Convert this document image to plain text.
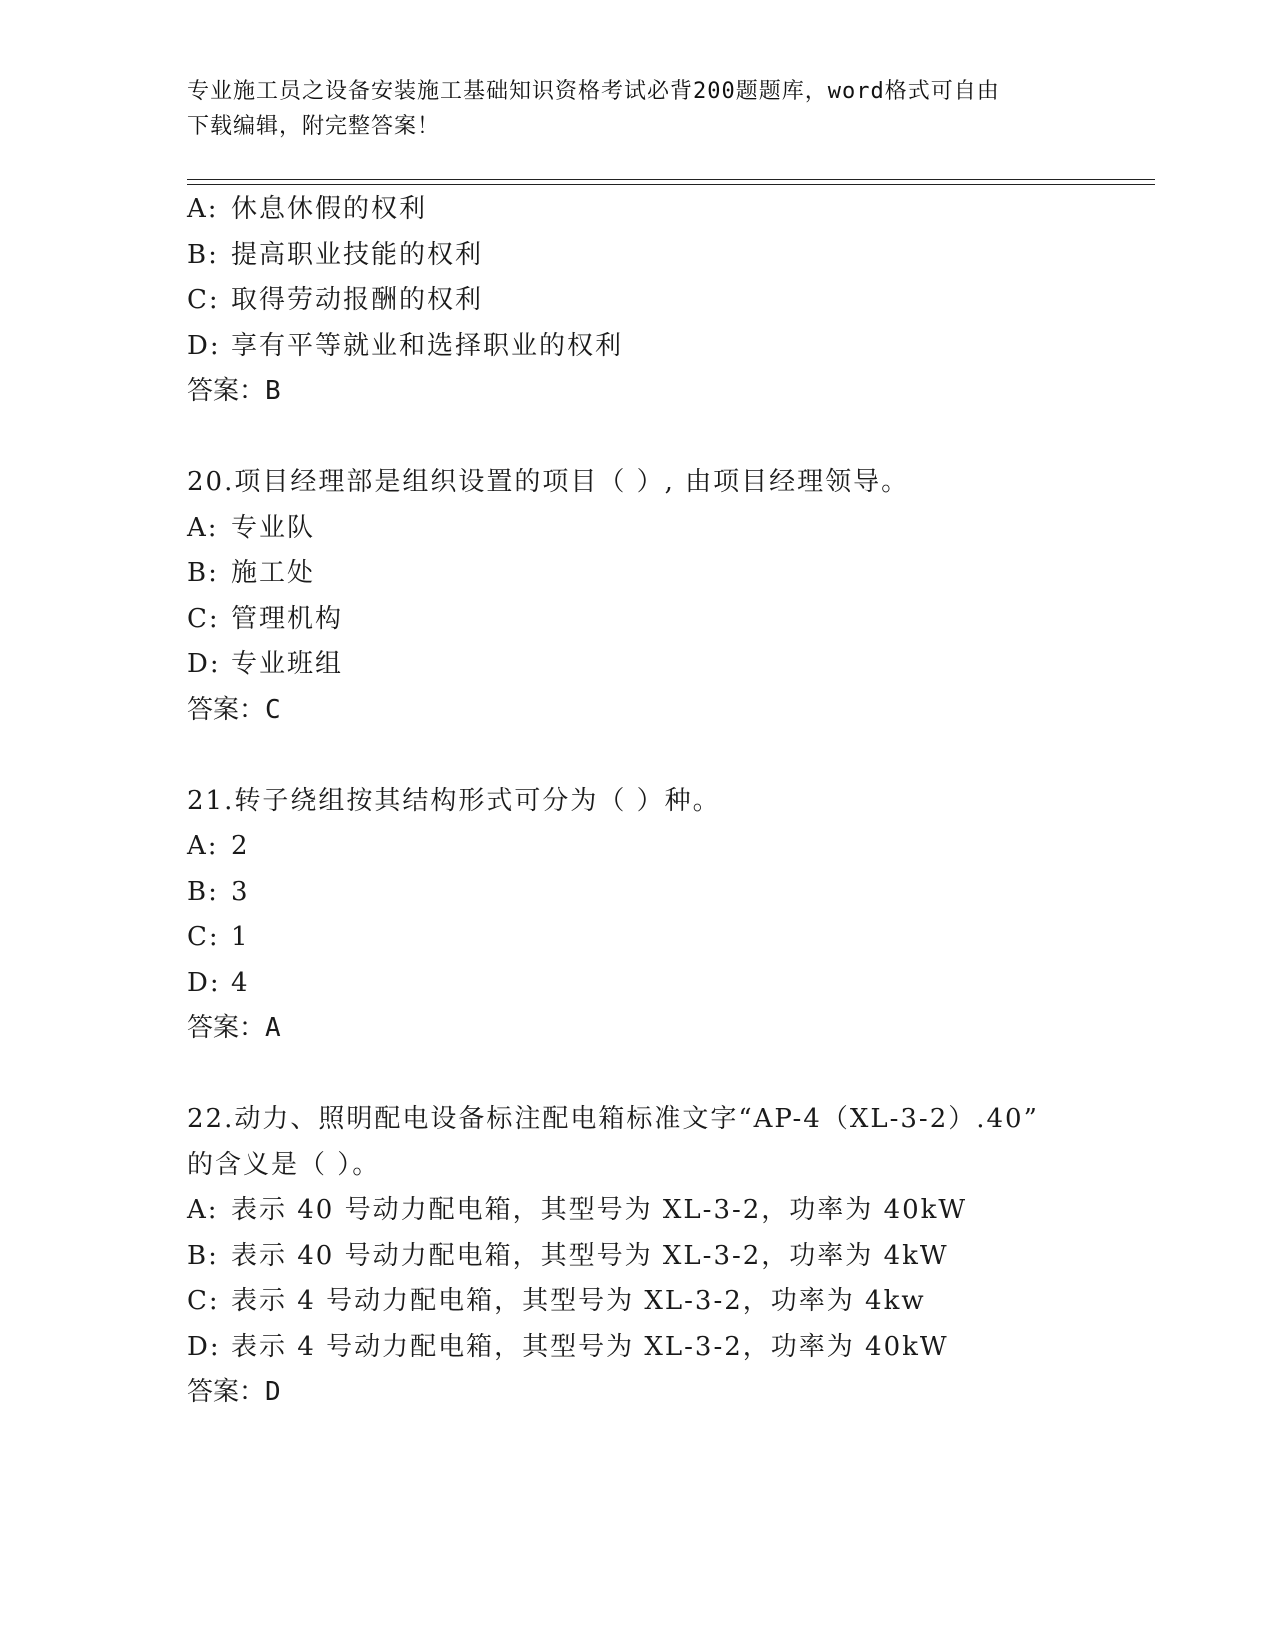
专业施工员之设备安装施工基础知识资格考试必背200题题库，word格式可自由
下载编辑，附完整答案！
A: 休息休假的权利
B: 提高职业技能的权利
C: 取得劳动报酬的权利
D: 享有平等就业和选择职业的权利
答案：B
20.项目经理部是组织设置的项目（ ）, 由项目经理领导。
A: 专业队
B: 施工处
C: 管理机构
D: 专业班组
答案：C
21.转子绕组按其结构形式可分为（ ）种。
A: 2
B: 3
C: 1
D: 4
答案：A
22.动力、照明配电设备标注配电箱标准文字“AP-4（XL-3-2）.40”
的含义是（ ）。
A: 表示 40 号动力配电箱，其型号为 XL-3-2，功率为 40kW
B: 表示 40 号动力配电箱，其型号为 XL-3-2，功率为 4kW
C: 表示 4 号动力配电箱，其型号为 XL-3-2，功率为 4kw
D: 表示 4 号动力配电箱，其型号为 XL-3-2，功率为 40kW
答案：D
